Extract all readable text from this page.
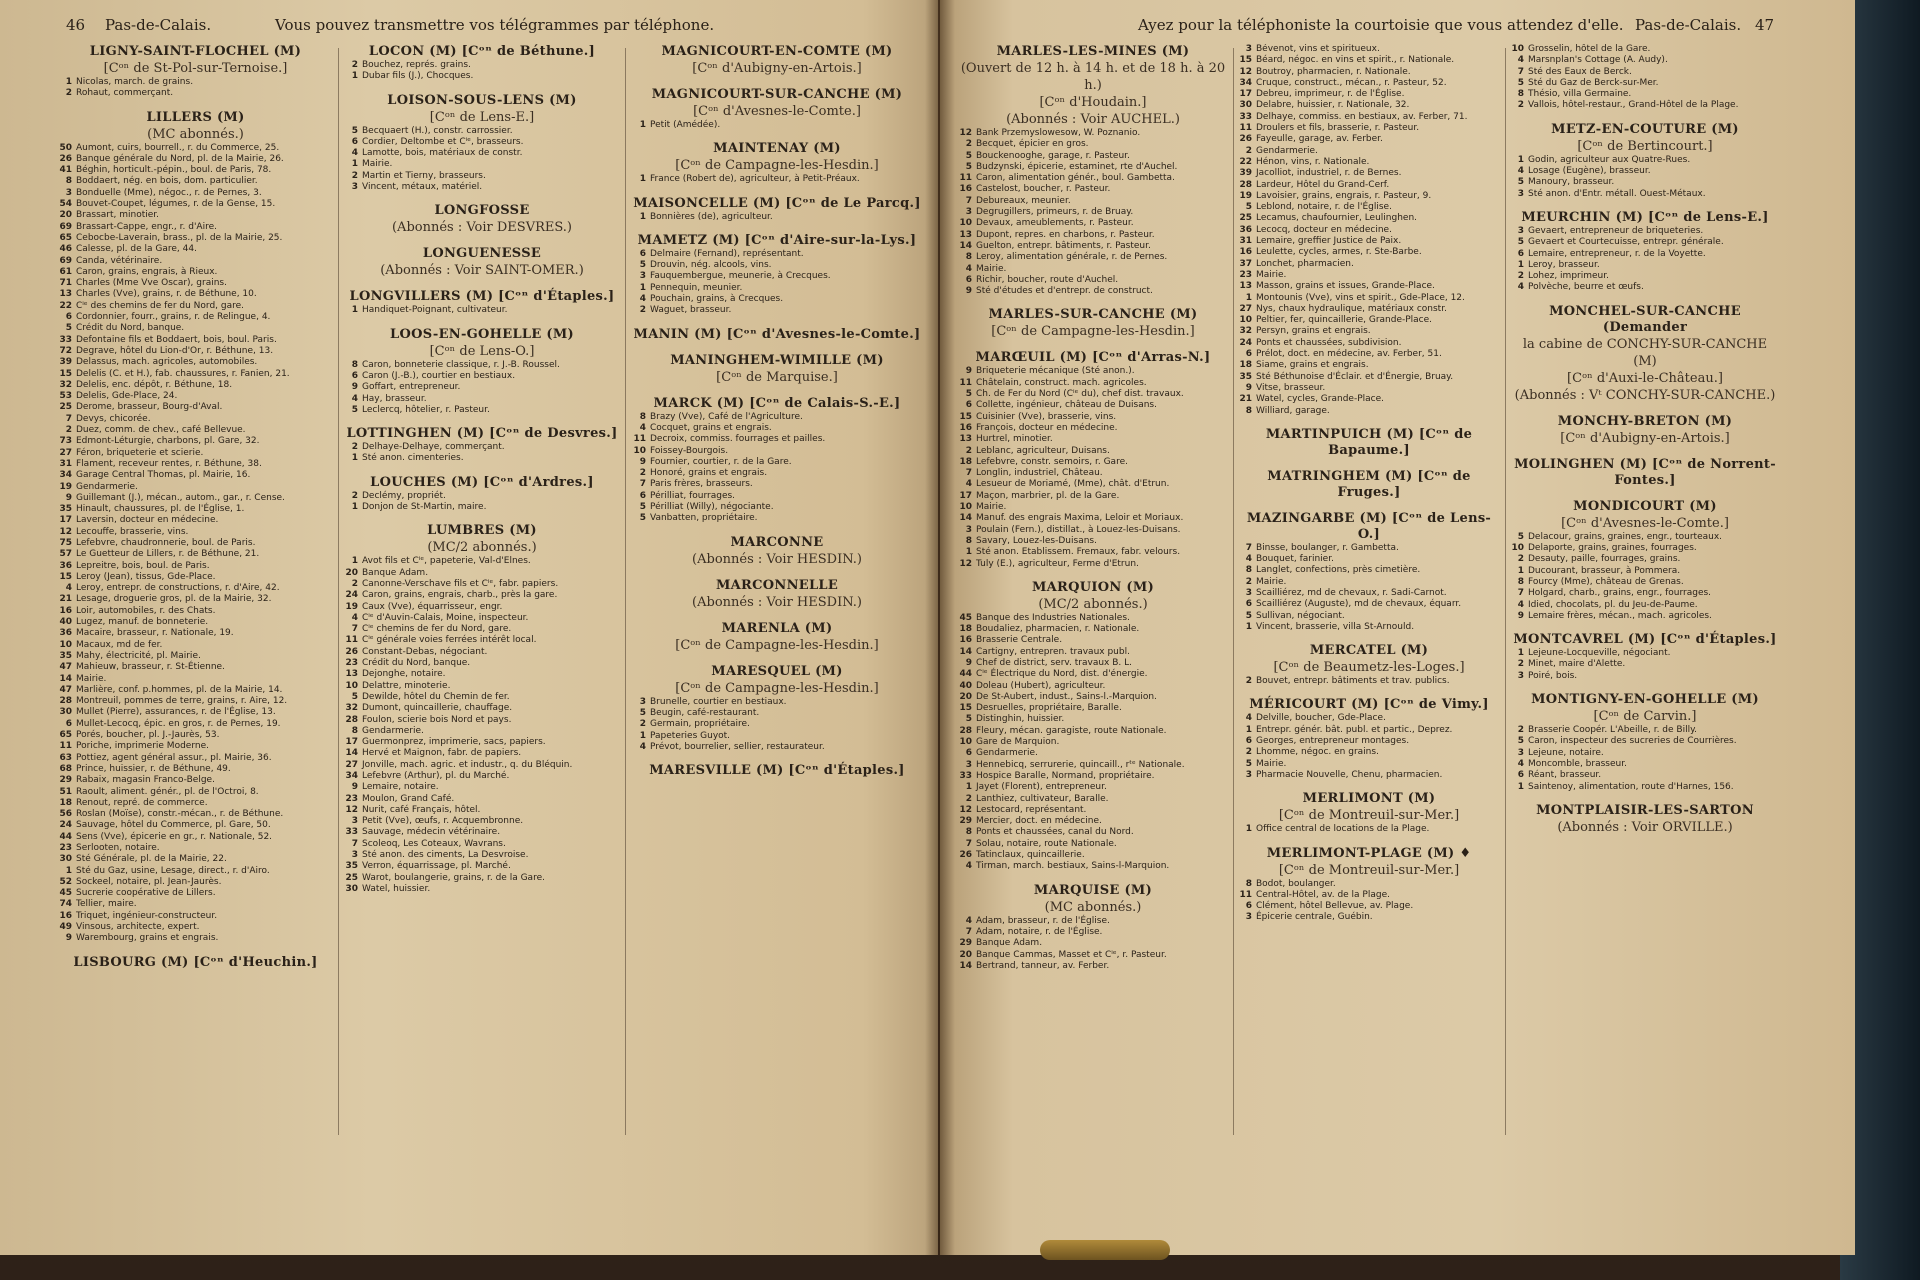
46 Pas-de-Calais.	Vous pouvez transmettre vos télégrammes par téléphone.
LIGNY-SAINT-FLOCHEL (M)
[Cᵒⁿ de St-Pol-sur-Ternoise.]
1 Nicolas, march. de grains.
2 Rohaut, commerçant.
LILLERS (M)
(MC abonnés.)
50 Aumont, cuirs, bourrell., r. du Commerce, 25.
26 Banque générale du Nord, pl. de la Mairie, 26.
41 Béghin, horticult.-pépin., boul. de Paris, 78.
8 Boddaert, nég. en bois, dom. particulier.
3 Bonduelle (Mme), négoc., r. de Pernes, 3.
54 Bouvet-Coupet, légumes, r. de la Gense, 15.
20 Brassart, minotier.
69 Brassart-Cappe, engr., r. d'Aire.
65 Cebocbe-Laverain, brass., pl. de la Mairie, 25.
46 Calesse, pl. de la Gare, 44.
69 Canda, vétérinaire.
61 Caron, grains, engrais, à Rieux.
71 Charles (Mme Vve Oscar), grains.
13 Charles (Vve), grains, r. de Béthune, 10.
22 Cⁱᵉ des chemins de fer du Nord, gare.
6 Cordonnier, fourr., grains, r. de Relingue, 4.
5 Crédit du Nord, banque.
33 Defontaine fils et Boddaert, bois, boul. Paris.
72 Degrave, hôtel du Lion-d'Or, r. Béthune, 13.
39 Delassus, mach. agricoles, automobiles.
15 Delelis (C. et H.), fab. chaussures, r. Fanien, 21.
32 Delelis, enc. dépôt, r. Béthune, 18.
53 Delelis, Gde-Place, 24.
25 Derome, brasseur, Bourg-d'Aval.
7 Devys, chicorée.
2 Duez, comm. de chev., café Bellevue.
73 Edmont-Léturgie, charbons, pl. Gare, 32.
27 Féron, briqueterie et scierie.
31 Flament, receveur rentes, r. Béthune, 38.
34 Garage Central Thomas, pl. Mairie, 16.
19 Gendarmerie.
9 Guillemant (J.), mécan., autom., gar., r. Cense.
35 Hinault, chaussures, pl. de l'Église, 1.
17 Laversin, docteur en médecine.
12 Lecouffe, brasserie, vins.
75 Lefebvre, chaudronnerie, boul. de Paris.
57 Le Guetteur de Lillers, r. de Béthune, 21.
36 Lepreitre, bois, boul. de Paris.
15 Leroy (Jean), tissus, Gde-Place.
4 Leroy, entrepr. de constructions, r. d'Aire, 42.
21 Lesage, droguerie gros, pl. de la Mairie, 32.
16 Loir, automobiles, r. des Chats.
40 Lugez, manuf. de bonneterie.
36 Macaire, brasseur, r. Nationale, 19.
10 Macaux, md de fer.
35 Mahy, électricité, pl. Mairie.
47 Mahieuw, brasseur, r. St-Étienne.
14 Mairie.
47 Marlière, conf. p.hommes, pl. de la Mairie, 14.
28 Montreuil, pommes de terre, grains, r. Aire, 12.
30 Mullet (Pierre), assurances, r. de l'Église, 13.
6 Mullet-Lecocq, épic. en gros, r. de Pernes, 19.
65 Porés, boucher, pl. J.-Jaurès, 53.
11 Poriche, imprimerie Moderne.
63 Pottiez, agent général assur., pl. Mairie, 36.
68 Prince, huissier, r. de Béthune, 49.
29 Rabaix, magasin Franco-Belge.
51 Raoult, aliment. génér., pl. de l'Octroi, 8.
18 Renout, repré. de commerce.
56 Roslan (Moïse), constr.-mécan., r. de Béthune.
24 Sauvage, hôtel du Commerce, pl. Gare, 50.
44 Sens (Vve), épicerie en gr., r. Nationale, 52.
23 Serlooten, notaire.
30 Sté Générale, pl. de la Mairie, 22.
1 Sté du Gaz, usine, Lesage, direct., r. d'Airo.
52 Sockeel, notaire, pl. Jean-Jaurès.
45 Sucrerie coopérative de Lillers.
74 Tellier, maire.
16 Triquet, ingénieur-constructeur.
49 Vinsous, architecte, expert.
9 Warembourg, grains et engrais.
LISBOURG (M) [Cᵒⁿ d'Heuchin.]
LOCON (M) [Cᵒⁿ de Béthune.]
2 Bouchez, représ. grains.
1 Dubar fils (J.), Chocques.
LOISON-SOUS-LENS (M)
[Cᵒⁿ de Lens-E.]
5 Becquaert (H.), constr. carrossier.
6 Cordier, Deltombe et Cⁱᵉ, brasseurs.
4 Lamotte, bois, matériaux de constr.
1 Mairie.
2 Martin et Tierny, brasseurs.
3 Vincent, métaux, matériel.
LONGFOSSE
(Abonnés : Voir DESVRES.)
LONGUENESSE
(Abonnés : Voir SAINT-OMER.)
LONGVILLERS (M) [Cᵒⁿ d'Étaples.]
1 Handiquet-Poignant, cultivateur.
LOOS-EN-GOHELLE (M)
[Cᵒⁿ de Lens-O.]
8 Caron, bonneterie classique, r. J.-B. Roussel.
6 Caron (J.-B.), courtier en bestiaux.
9 Goffart, entrepreneur.
4 Hay, brasseur.
5 Leclercq, hôtelier, r. Pasteur.
LOTTINGHEN (M) [Cᵒⁿ de Desvres.]
2 Delhaye-Delhaye, commerçant.
1 Sté anon. cimenteries.
LOUCHES (M) [Cᵒⁿ d'Ardres.]
2 Declémy, propriét.
1 Donjon de St-Martin, maire.
LUMBRES (M)
(MC/2 abonnés.)
1 Avot fils et Cⁱᵉ, papeterie, Val-d'Elnes.
20 Banque Adam.
2 Canonne-Verschave fils et Cⁱᵉ, fabr. papiers.
24 Caron, grains, engrais, charb., près la gare.
19 Caux (Vve), équarrisseur, engr.
4 Cⁱᵉ d'Auvin-Calais, Moine, inspecteur.
7 Cⁱᵉ chemins de fer du Nord, gare.
11 Cⁱᵉ générale voies ferrées intérêt local.
26 Constant-Debas, négociant.
23 Crédit du Nord, banque.
13 Dejonghe, notaire.
10 Delattre, minoterie.
5 Dewilde, hôtel du Chemin de fer.
32 Dumont, quincaillerie, chauffage.
28 Foulon, scierie bois Nord et pays.
8 Gendarmerie.
17 Guermonprez, imprimerie, sacs, papiers.
14 Hervé et Maignon, fabr. de papiers.
27 Jonville, mach. agric. et industr., q. du Bléquin.
34 Lefebvre (Arthur), pl. du Marché.
9 Lemaire, notaire.
23 Moulon, Grand Café.
12 Nurit, café Français, hôtel.
3 Petit (Vve), œufs, r. Acquembronne.
33 Sauvage, médecin vétérinaire.
7 Scoleoq, Les Coteaux, Wavrans.
3 Sté anon. des ciments, La Desvroise.
35 Verron, équarrissage, pl. Marché.
25 Warot, boulangerie, grains, r. de la Gare.
30 Watel, huissier.
MAGNICOURT-EN-COMTE (M)
[Cᵒⁿ d'Aubigny-en-Artois.]
MAGNICOURT-SUR-CANCHE (M)
[Cᵒⁿ d'Avesnes-le-Comte.]
1 Petit (Amédée).
MAINTENAY (M)
[Cᵒⁿ de Campagne-les-Hesdin.]
1 France (Robert de), agriculteur, à Petit-Préaux.
MAISONCELLE (M) [Cᵒⁿ de Le Parcq.]
1 Bonnières (de), agriculteur.
MAMETZ (M) [Cᵒⁿ d'Aire-sur-la-Lys.]
6 Delmaire (Fernand), représentant.
5 Drouvin, nég. alcools, vins.
3 Fauquembergue, meunerie, à Crecques.
1 Pennequin, meunier.
4 Pouchain, grains, à Crecques.
2 Waguet, brasseur.
MANIN (M) [Cᵒⁿ d'Avesnes-le-Comte.]
MANINGHEM-WIMILLE (M)
[Cᵒⁿ de Marquise.]
MARCK (M) [Cᵒⁿ de Calais-S.-E.]
8 Brazy (Vve), Café de l'Agriculture.
4 Cocquet, grains et engrais.
11 Decroix, commiss. fourrages et pailles.
10 Foissey-Bourgois.
9 Fournier, courtier, r. de la Gare.
2 Honoré, grains et engrais.
7 Paris frères, brasseurs.
6 Périlliat, fourrages.
5 Périlliat (Willy), négociante.
5 Vanbatten, propriétaire.
MARCONNE
(Abonnés : Voir HESDIN.)
MARCONNELLE
(Abonnés : Voir HESDIN.)
MARENLA (M)
[Cᵒⁿ de Campagne-les-Hesdin.]
MARESQUEL (M)
[Cᵒⁿ de Campagne-les-Hesdin.]
3 Brunelle, courtier en bestiaux.
5 Beugin, café-restaurant.
2 Germain, propriétaire.
1 Papeteries Guyot.
4 Prévot, bourrelier, sellier, restaurateur.
MARESVILLE (M) [Cᵒⁿ d'Étaples.]
Ayez pour la téléphoniste la courtoisie que vous attendez d'elle. Pas-de-Calais. 47
MARLES-LES-MINES (M)
(Ouvert de 12 h. à 14 h. et de 18 h. à 20 h.)
[Cᵒⁿ d'Houdain.]
(Abonnés : Voir AUCHEL.)
12 Bank Przemyslowesow, W. Poznanio.
2 Becquet, épicier en gros.
5 Bouckenooghe, garage, r. Pasteur.
5 Budzynski, épicerie, estaminet, rte d'Auchel.
11 Caron, alimentation génér., boul. Gambetta.
16 Castelost, boucher, r. Pasteur.
7 Debureaux, meunier.
3 Degrugillers, primeurs, r. de Bruay.
10 Devaux, ameublements, r. Pasteur.
13 Dupont, repres. en charbons, r. Pasteur.
14 Guelton, entrepr. bâtiments, r. Pasteur.
8 Leroy, alimentation générale, r. de Pernes.
4 Mairie.
6 Richir, boucher, route d'Auchel.
9 Sté d'études et d'entrepr. de construct.
MARLES-SUR-CANCHE (M)
[Cᵒⁿ de Campagne-les-Hesdin.]
MARŒUIL (M) [Cᵒⁿ d'Arras-N.]
9 Briqueterie mécanique (Sté anon.).
11 Châtelain, construct. mach. agricoles.
5 Ch. de Fer du Nord (Cⁱᵉ du), chef dist. travaux.
6 Collette, ingénieur, château de Duisans.
15 Cuisinier (Vve), brasserie, vins.
16 François, docteur en médecine.
13 Hurtrel, minotier.
2 Leblanc, agriculteur, Duisans.
18 Lefebvre, constr. semoirs, r. Gare.
7 Longlin, industriel, Château.
4 Lesueur de Moriamé, (Mme), chât. d'Etrun.
17 Maçon, marbrier, pl. de la Gare.
10 Mairie.
14 Manuf. des engrais Maxima, Leloir et Moriaux.
3 Poulain (Fern.), distillat., à Louez-les-Duisans.
8 Savary, Louez-les-Duisans.
1 Sté anon. Etablissem. Fremaux, fabr. velours.
12 Tuly (E.), agriculteur, Ferme d'Etrun.
MARQUION (M)
(MC/2 abonnés.)
45 Banque des Industries Nationales.
18 Boudaliez, pharmacien, r. Nationale.
16 Brasserie Centrale.
14 Cartigny, entrepren. travaux publ.
9 Chef de district, serv. travaux B. L.
44 Cⁱᵉ Électrique du Nord, dist. d'énergie.
40 Doleau (Hubert), agriculteur.
20 De St-Aubert, indust., Sains-l.-Marquion.
15 Desruelles, propriétaire, Baralle.
5 Distinghin, huissier.
28 Fleury, mécan. garagiste, route Nationale.
10 Gare de Marquion.
6 Gendarmerie.
3 Hennebicq, serrurerie, quincaill., rᵗᵉ Nationale.
33 Hospice Baralle, Normand, propriétaire.
1 Jayet (Florent), entrepreneur.
2 Lanthiez, cultivateur, Baralle.
12 Lestocard, représentant.
29 Mercier, doct. en médecine.
8 Ponts et chaussées, canal du Nord.
7 Solau, notaire, route Nationale.
26 Tatinclaux, quincaillerie.
4 Tirman, march. bestiaux, Sains-l-Marquion.
MARQUISE (M)
(MC abonnés.)
4 Adam, brasseur, r. de l'Église.
7 Adam, notaire, r. de l'Église.
29 Banque Adam.
20 Banque Cammas, Masset et Cⁱᵉ, r. Pasteur.
14 Bertrand, tanneur, av. Ferber.
3 Bévenot, vins et spiritueux.
15 Béard, négoc. en vins et spirit., r. Nationale.
12 Boutroy, pharmacien, r. Nationale.
34 Cruque, construct., mécan., r. Pasteur, 52.
17 Debreu, imprimeur, r. de l'Église.
30 Delabre, huissier, r. Nationale, 32.
33 Delhaye, commiss. en bestiaux, av. Ferber, 71.
11 Droulers et fils, brasserie, r. Pasteur.
26 Fayeulle, garage, av. Ferber.
2 Gendarmerie.
22 Hénon, vins, r. Nationale.
39 Jacolliot, industriel, r. de Bernes.
28 Lardeur, Hôtel du Grand-Cerf.
19 Lavoisier, grains, engrais, r. Pasteur, 9.
5 Leblond, notaire, r. de l'Église.
25 Lecamus, chaufournier, Leulinghen.
36 Lecocq, docteur en médecine.
31 Lemaire, greffier Justice de Paix.
16 Leulette, cycles, armes, r. Ste-Barbe.
37 Lonchet, pharmacien.
23 Mairie.
13 Masson, grains et issues, Grande-Place.
1 Montounis (Vve), vins et spirit., Gde-Place, 12.
27 Nys, chaux hydraulique, matériaux constr.
10 Peltier, fer, quincaillerie, Grande-Place.
32 Persyn, grains et engrais.
24 Ponts et chaussées, subdivision.
6 Prélot, doct. en médecine, av. Ferber, 51.
18 Siame, grains et engrais.
35 Sté Béthunoise d'Éclair. et d'Énergie, Bruay.
9 Vitse, brasseur.
21 Watel, cycles, Grande-Place.
8 Williard, garage.
MARTINPUICH (M) [Cᵒⁿ de Bapaume.]
MATRINGHEM (M) [Cᵒⁿ de Fruges.]
MAZINGARBE (M) [Cᵒⁿ de Lens-O.]
7 Binsse, boulanger, r. Gambetta.
4 Bouquet, farinier.
8 Langlet, confections, près cimetière.
2 Mairie.
3 Scailliérez, md de chevaux, r. Sadi-Carnot.
6 Scailliérez (Auguste), md de chevaux, équarr.
5 Sullivan, négociant.
1 Vincent, brasserie, villa St-Arnould.
MERCATEL (M)
[Cᵒⁿ de Beaumetz-les-Loges.]
2 Bouvet, entrepr. bâtiments et trav. publics.
MÉRICOURT (M) [Cᵒⁿ de Vimy.]
4 Delville, boucher, Gde-Place.
1 Entrepr. génér. bât. publ. et partic., Deprez.
6 Georges, entrepreneur montages.
2 Lhomme, négoc. en grains.
5 Mairie.
3 Pharmacie Nouvelle, Chenu, pharmacien.
MERLIMONT (M)
[Cᵒⁿ de Montreuil-sur-Mer.]
1 Office central de locations de la Plage.
MERLIMONT-PLAGE (M) ♦
[Cᵒⁿ de Montreuil-sur-Mer.]
8 Bodot, boulanger.
11 Central-Hôtel, av. de la Plage.
6 Clément, hôtel Bellevue, av. Plage.
3 Épicerie centrale, Guébin.
10 Grosselin, hôtel de la Gare.
4 Marsnplan's Cottage (A. Audy).
7 Sté des Eaux de Berck.
5 Sté du Gaz de Berck-sur-Mer.
8 Thésio, villa Germaine.
2 Vallois, hôtel-restaur., Grand-Hôtel de la Plage.
METZ-EN-COUTURE (M)
[Cᵒⁿ de Bertincourt.]
1 Godin, agriculteur aux Quatre-Rues.
4 Losage (Eugène), brasseur.
5 Manoury, brasseur.
3 Sté anon. d'Entr. métall. Ouest-Métaux.
MEURCHIN (M) [Cᵒⁿ de Lens-E.]
3 Gevaert, entrepreneur de briqueteries.
5 Gevaert et Courtecuisse, entrepr. générale.
6 Lemaire, entrepreneur, r. de la Voyette.
1 Leroy, brasseur.
2 Lohez, imprimeur.
4 Polvèche, beurre et œufs.
MONCHEL-SUR-CANCHE (Demander
la cabine de CONCHY-SUR-CANCHE (M)
[Cᵒⁿ d'Auxi-le-Château.]
(Abonnés : Vᵗ CONCHY-SUR-CANCHE.)
MONCHY-BRETON (M)
[Cᵒⁿ d'Aubigny-en-Artois.]
MOLINGHEN (M) [Cᵒⁿ de Norrent-Fontes.]
MONDICOURT (M)
[Cᵒⁿ d'Avesnes-le-Comte.]
5 Delacour, grains, graines, engr., tourteaux.
10 Delaporte, grains, graines, fourrages.
2 Desauty, paille, fourrages, grains.
1 Ducourant, brasseur, à Pommera.
8 Fourcy (Mme), château de Grenas.
7 Holgard, charb., grains, engr., fourrages.
4 Idied, chocolats, pl. du Jeu-de-Paume.
9 Lemaire frères, mécan., mach. agricoles.
MONTCAVREL (M) [Cᵒⁿ d'Étaples.]
1 Lejeune-Locqueville, négociant.
2 Minet, maire d'Alette.
3 Poiré, bois.
MONTIGNY-EN-GOHELLE (M)
[Cᵒⁿ de Carvin.]
2 Brasserie Coopér. L'Abeille, r. de Billy.
5 Caron, inspecteur des sucreries de Courrières.
3 Lejeune, notaire.
4 Moncomble, brasseur.
6 Réant, brasseur.
1 Saintenoy, alimentation, route d'Harnes, 156.
MONTPLAISIR-LES-SARTON
(Abonnés : Voir ORVILLE.)
